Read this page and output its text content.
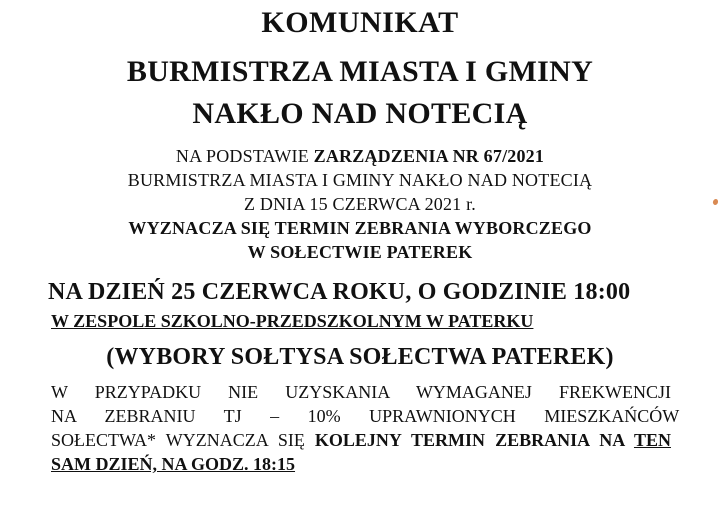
KOMUNIKAT
BURMISTRZA MIASTA I GMINY
NAKŁO NAD NOTECIĄ
NA PODSTAWIE ZARZĄDZENIA NR 67/2021
BURMISTRZA MIASTA I GMINY NAKŁO NAD NOTECIĄ
Z DNIA 15 CZERWCA 2021 r.
WYZNACZA SIĘ TERMIN ZEBRANIA WYBORCZEGO
W SOŁECTWIE PATEREK
NA DZIEŃ 25 CZERWCA ROKU, O GODZINIE 18:00
W ZESPOLE SZKOLNO-PRZEDSZKOLNYM W PATERKU
(WYBORY SOŁTYSA SOŁECTWA PATEREK)
W PRZYPADKU NIE UZYSKANIA WYMAGANEJ FREKWENCJI
NA ZEBRANIU TJ – 10% UPRAWNIONYCH MIESZKAŃCÓW
SOŁECTWA* WYZNACZA SIĘ KOLEJNY TERMIN ZEBRANIA NA TEN
SAM DZIEŃ, NA GODZ. 18:15
